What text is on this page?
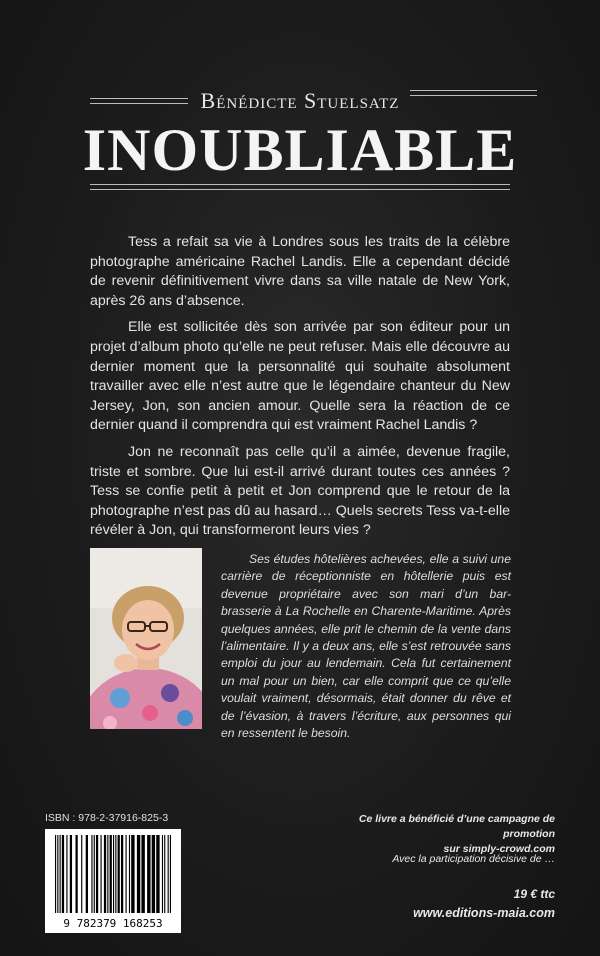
Bénédicte Stuelsatz
INOUBLIABLE

Tess a refait sa vie à Londres sous les traits de la célèbre photographe américaine Rachel Landis. Elle a cependant décidé de revenir définitivement vivre dans sa ville natale de New York, après 26 ans d’absence.

Elle est sollicitée dès son arrivée par son éditeur pour un projet d’album photo qu’elle ne peut refuser. Mais elle découvre au dernier moment que la personnalité qui souhaite absolument travailler avec elle n’est autre que le légendaire chanteur du New Jersey, Jon, son ancien amour. Quelle sera la réaction de ce dernier quand il comprendra qui est vraiment Rachel Landis ?

Jon ne reconnaît pas celle qu’il a aimée, devenue fragile, triste et sombre. Que lui est-il arrivé durant toutes ces années ? Tess se confie petit à petit et Jon comprend que le retour de la photographe n’est pas dû au hasard… Quels secrets Tess va-t-elle révéler à Jon, qui transformeront leurs vies ?

Ses études hôtelières achevées, elle a suivi une carrière de réceptionniste en hôtellerie puis est devenue propriétaire avec son mari d’un bar-brasserie à La Rochelle en Charente-Maritime. Après quelques années, elle prit le chemin de la vente dans l’alimentaire. Il y a deux ans, elle s’est retrouvée sans emploi du jour au lendemain. Cela fut certainement un mal pour un bien, car elle comprit que ce qu’elle voulait vraiment, désormais, était donner du rêve et de l’évasion, à travers l’écriture, aux personnes qui en ressentent le besoin.

ISBN : 978-2-37916-825-3
9 782379 168253
Ce livre a bénéficié d’une campagne de promotion
sur simply-crowd.com
Avec la participation décisive de …
19 € ttc
www.editions-maia.com
